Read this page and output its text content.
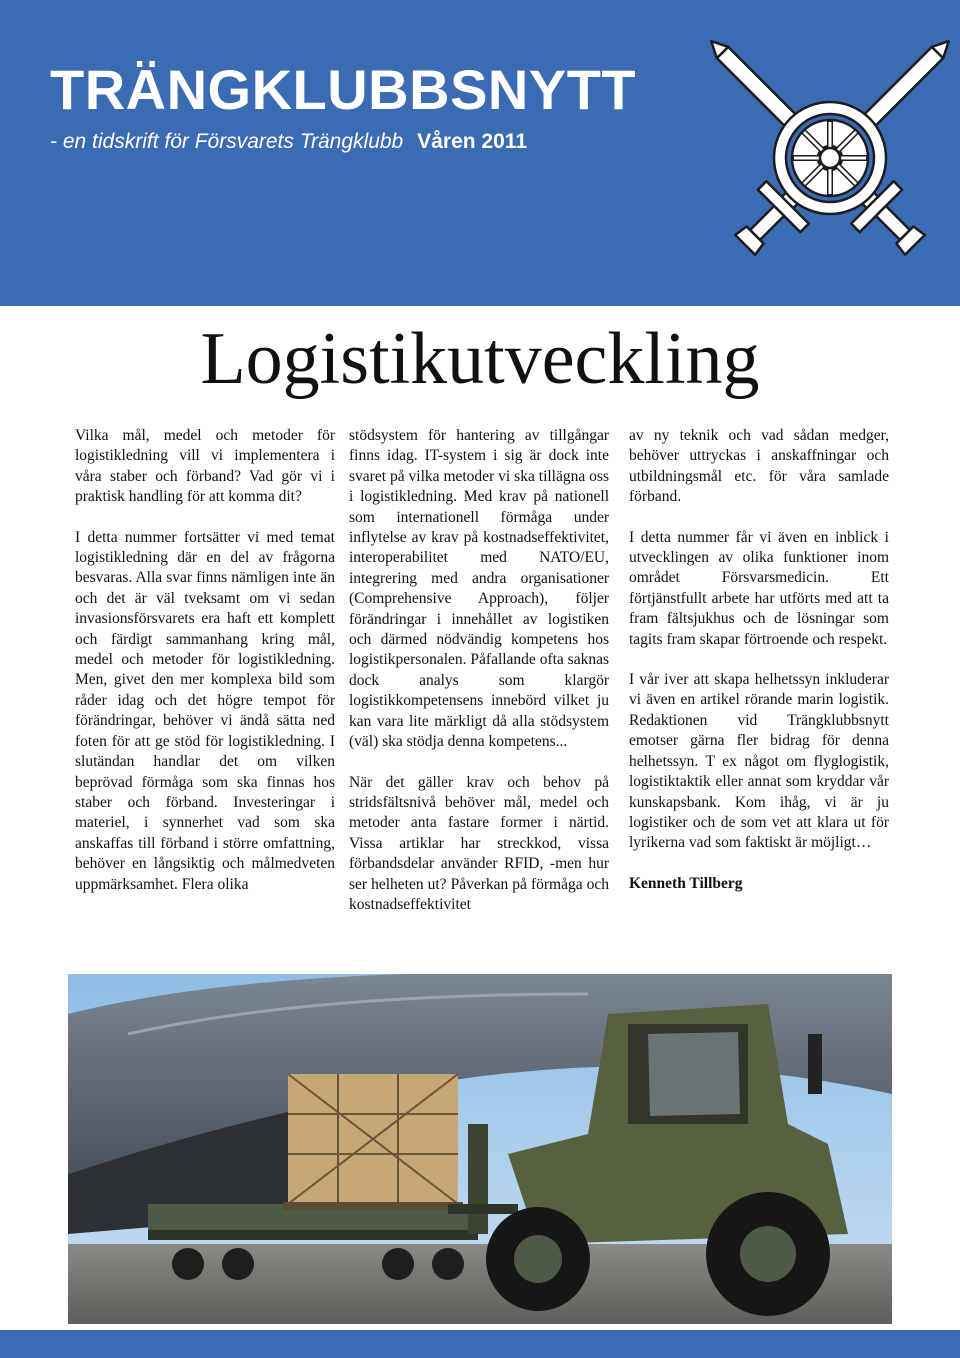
TRÄNGKLUBBSNYTT
- en tidskrift för Försvarets Trängklubb Våren 2011
Logistikutveckling

Vilka mål, medel och metoder för logistikledning vill vi implementera i våra staber och förband? Vad gör vi i praktisk handling för att komma dit?

I detta nummer fortsätter vi med temat logistikledning där en del av frågorna besvaras. Alla svar finns nämligen inte än och det är väl tveksamt om vi sedan invasionsförsvarets era haft ett komplett och färdigt sammanhang kring mål, medel och metoder för logistikledning. Men, givet den mer komplexa bild som råder idag och det högre tempot för förändringar, behöver vi ändå sätta ned foten för att ge stöd för logistikledning. I slutändan handlar det om vilken beprövad förmåga som ska finnas hos staber och förband. Investeringar i materiel, i synnerhet vad som ska anskaffas till förband i större omfattning, behöver en långsiktig och målmedveten uppmärksamhet. Flera olika

stödsystem för hantering av tillgångar finns idag. IT-system i sig är dock inte svaret på vilka metoder vi ska tillägna oss i logistikledning. Med krav på nationell som internationell förmåga under inflytelse av krav på kostnadseffektivitet, interoperabilitet med NATO/EU, integrering med andra organisationer (Comprehensive Approach), följer förändringar i innehållet av logistiken och därmed nödvändig kompetens hos logistikpersonalen. Påfallande ofta saknas dock analys som klargör logistikkompetensens innebörd vilket ju kan vara lite märkligt då alla stödsystem (väl) ska stödja denna kompetens...

När det gäller krav och behov på stridsfältsnivå behöver mål, medel och metoder anta fastare former i närtid. Vissa artiklar har streckkod, vissa förbandsdelar använder RFID, -men hur ser helheten ut? Påverkan på förmåga och kostnadseffektivitet

av ny teknik och vad sådan medger, behöver uttryckas i anskaffningar och utbildningsmål etc. för våra samlade förband.

I detta nummer får vi även en inblick i utvecklingen av olika funktioner inom området Försvarsmedicin. Ett förtjänstfullt arbete har utförts med att ta fram fältsjukhus och de lösningar som tagits fram skapar förtroende och respekt.

I vår iver att skapa helhetssyn inkluderar vi även en artikel rörande marin logistik. Redaktionen vid Trängklubbsnytt emotser gärna fler bidrag för denna helhetssyn. T ex något om flyglogistik, logistiktaktik eller annat som kryddar vår kunskapsbank. Kom ihåg, vi är ju logistiker och de som vet att klara ut för lyrikerna vad som faktiskt är möjligt…

Kenneth Tillberg
